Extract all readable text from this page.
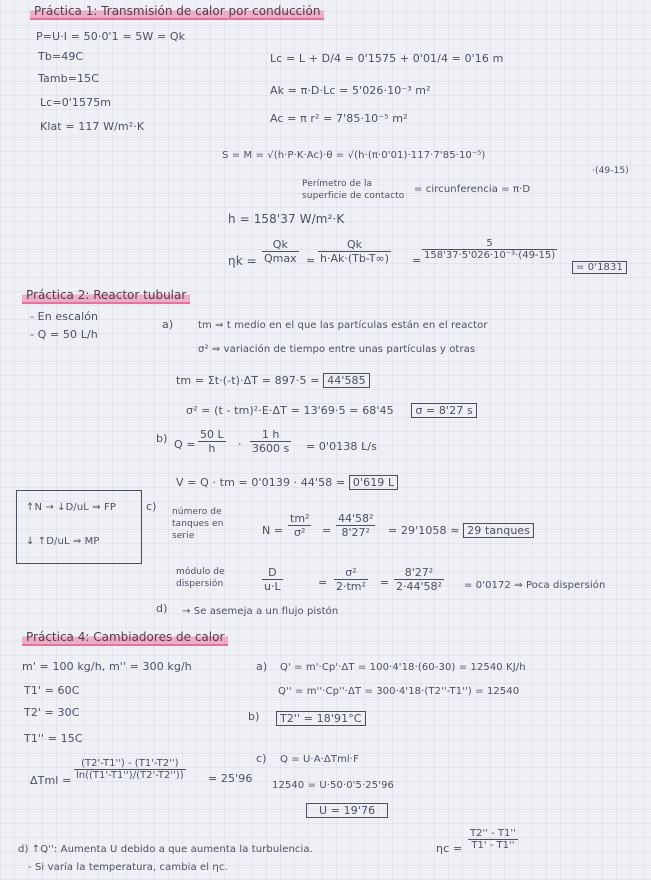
Práctica 1: Transmisión de calor por conducción
P=U·I = 50·0'1 = 5W = Qk
Tb=49C
Tamb=15C
Lc=0'1575m
Klat = 117 W/m²·K
Lc = L + D/4 = 0'1575 + 0'01/4 = 0'16 m
Ak = π·D·Lc = 5'026·10⁻³ m²
Ac = π r² = 7'85·10⁻⁵ m²
S = M = √(h·P·K·Ac)·θ = √(h·(π·0'01)·117·7'85·10⁻⁵)
·(49-15)
Perímetro de la superficie de contacto
= circunferencia = π·D
h = 158'37 W/m²·K
ηk =
Qk
$Qmax = \frac{Qk}{h\cdot Ak\cdot(Tb-T\infty)} = \frac{5}{\text{158'37·5'026·10⁻³·(49-15)}}$
= 0'1831
Práctica 2: Reactor tubular
- En escalón
- Q = 50 L/h
a) tm ⇒ t medio en el que las partículas están en el reactor
σ² ⇒ variación de tiempo entre unas partículas y otras
tm = Σt·(-t)·ΔT = 897·5 = 44'585
σ² = (t - tm)²·E·ΔT = 13'69·5 = 68'45 σ = 8'27 s
b) $Q = \frac{50 L}{h} \cdot \frac{1 h}{3600 s} = 0'0138$ L/s
V = Q · tm = 0'0139 · 44'58 = 0'619 L
↑N → ↓D/uL ⇒ FP
↓ ↑D/uL ⇒ MP
c) número de tanques en serie	$N = \frac{\text{tm²}}{\text{σ²}} = \frac{\text{44'58²}}{\text{8'27²}} = 29'1058 \approx 29$ tanques
módulo de dispersión	$\frac{D}{u\cdot L}$	= $\frac{\text{σ²}}{\text{2·tm²}} = \frac{\text{8'27²}}{\text{2·44'58²}} = 0'0172$ ⇒ Poca dispersión
d) → Se asemeja a un flujo pistón
Práctica 4: Cambiadores de calor
m' = 100 kg/h, m'' = 300 kg/h
T1' = 60C
T2' = 30C
T1'' = 15C
a) Q' = m'·Cp'·ΔT = 100·4'18·(60-30) = 12540 KJ/h
Q'' = m''·Cp''·ΔT = 300·4'18·(T2''-T1'') = 12540
b)	T2'' = 18'91°C
$\Delta Tml = \frac{(T2'-T1'') - (T1'-T2'')}{\ln((T1'-T1'')/(T2'-T2''))} = 25'96$
c) Q = U·A·ΔTml·F
12540 = U·50·0'5·25'96
U = 19'76
d) ↑Q'': Aumenta U debido a que aumenta la turbulencia.	$\eta c = \frac{T2'' - T1''}{T1' - T1''}$
- Si varía la temperatura, cambia el ηc.
